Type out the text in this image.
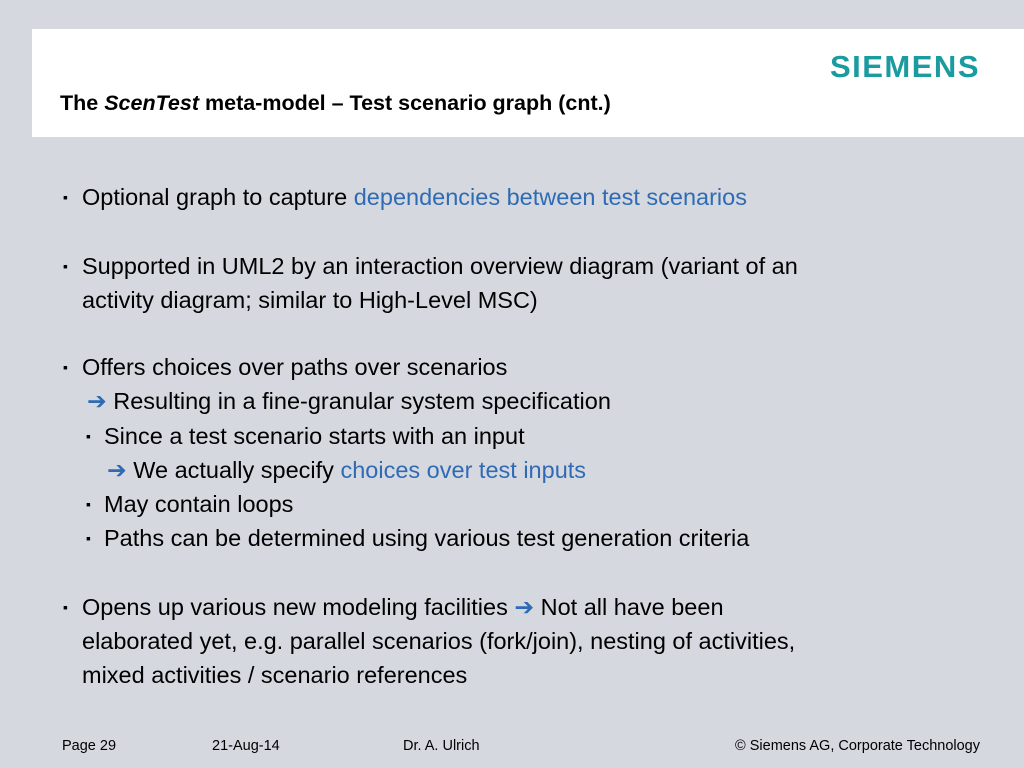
SIEMENS
The ScenTest meta-model – Test scenario graph (cnt.)
▪ Optional graph to capture dependencies between test scenarios
▪ Supported in UML2 by an interaction overview diagram (variant of an
activity diagram; similar to High-Level MSC)
▪ Offers choices over paths over scenarios
➔ Resulting in a fine-granular system specification
▪ Since a test scenario starts with an input
➔ We actually specify choices over test inputs
▪ May contain loops
▪ Paths can be determined using various test generation criteria
▪ Opens up various new modeling facilities ➔ Not all have been
elaborated yet, e.g. parallel scenarios (fork/join), nesting of activities,
mixed activities / scenario references
Page 29	21-Aug-14	Dr. A. Ulrich	© Siemens AG, Corporate Technology
